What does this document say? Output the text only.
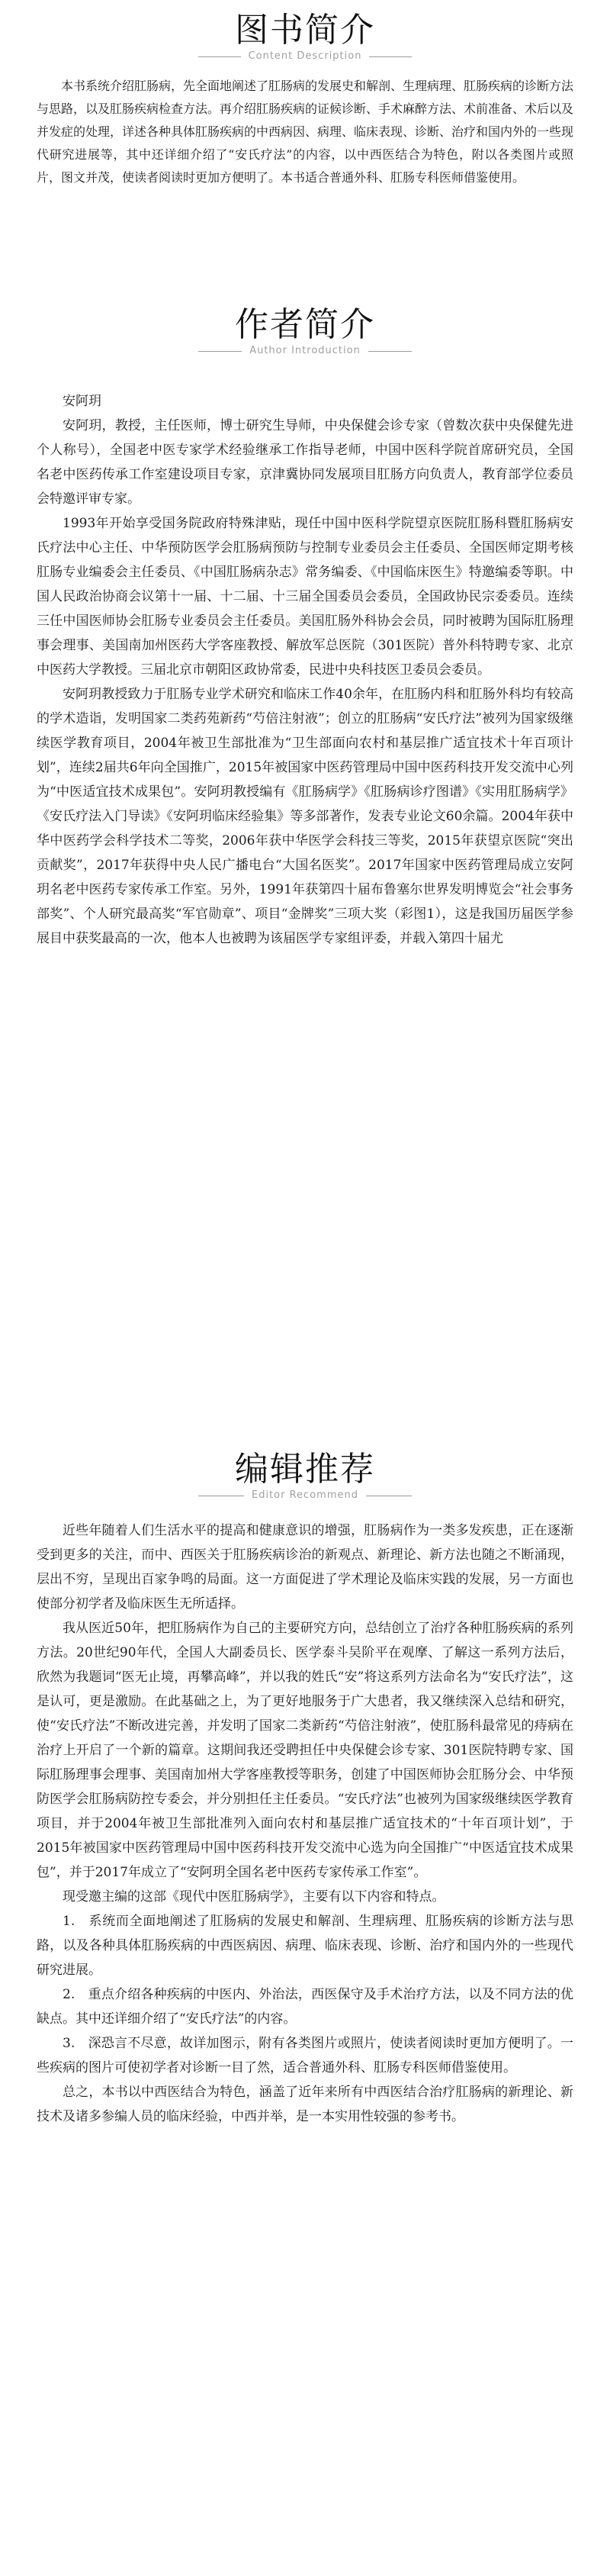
图书简介
Content Description

本书系统介绍肛肠病，先全面地阐述了肛肠病的发展史和解剖、生理病理、肛肠疾病的诊断方法与思路，以及肛肠疾病检查方法。再介绍肛肠疾病的证候诊断、手术麻醉方法、术前准备、术后以及并发症的处理，详述各种具体肛肠疾病的中西病因、病理、临床表现、诊断、治疗和国内外的一些现代研究进展等，其中还详细介绍了“安氏疗法”的内容，以中西医结合为特色，附以各类图片或照片，图文并茂，使读者阅读时更加方便明了。本书适合普通外科、肛肠专科医师借鉴使用。

作者简介
Author Introduction

安阿玥

安阿玥，教授，主任医师，博士研究生导师，中央保健会诊专家（曾数次获中央保健先进个人称号），全国老中医专家学术经验继承工作指导老师，中国中医科学院首席研究员，全国名老中医药传承工作室建设项目专家，京津冀协同发展项目肛肠方向负责人，教育部学位委员会特邀评审专家。

1993年开始享受国务院政府特殊津贴，现任中国中医科学院望京医院肛肠科暨肛肠病安氏疗法中心主任、中华预防医学会肛肠病预防与控制专业委员会主任委员、全国医师定期考核肛肠专业编委会主任委员、《中国肛肠病杂志》常务编委、《中国临床医生》特邀编委等职。中国人民政治协商会议第十一届、十二届、十三届全国委员会委员，全国政协民宗委委员。连续三任中国医师协会肛肠专业委员会主任委员。美国肛肠外科协会会员，同时被聘为国际肛肠理事会理事、美国南加州医药大学客座教授、解放军总医院（301医院）普外科特聘专家、北京中医药大学教授。三届北京市朝阳区政协常委，民进中央科技医卫委员会委员。

安阿玥教授致力于肛肠专业学术研究和临床工作40余年，在肛肠内科和肛肠外科均有较高的学术造诣，发明国家二类药苑新药“芍倍注射液”；创立的肛肠病“安氏疗法”被列为国家级继续医学教育项目，2004年被卫生部批准为“卫生部面向农村和基层推广适宜技术十年百项计划”，连续2届共6年向全国推广，2015年被国家中医药管理局中国中医药科技开发交流中心列为“中医适宜技术成果包”。安阿玥教授编有《肛肠病学》《肛肠病诊疗图谱》《实用肛肠病学》《安氏疗法入门导读》《安阿玥临床经验集》等多部著作，发表专业论文60余篇。2004年获中华中医药学会科学技术二等奖，2006年获中华医学会科技三等奖，2015年获望京医院“突出贡献奖”，2017年获得中央人民广播电台“大国名医奖”。2017年国家中医药管理局成立安阿玥名老中医药专家传承工作室。另外，1991年获第四十届布鲁塞尔世界发明博览会“社会事务部奖”、个人研究最高奖“军官勋章”、项目“金牌奖”三项大奖（彩图1），这是我国历届医学参展目中获奖最高的一次，他本人也被聘为该届医学专家组评委，并载入第四十届尤

编辑推荐
Editor Recommend

近些年随着人们生活水平的提高和健康意识的增强，肛肠病作为一类多发疾患，正在逐渐受到更多的关注，而中、西医关于肛肠疾病诊治的新观点、新理论、新方法也随之不断涌现，层出不穷，呈现出百家争鸣的局面。这一方面促进了学术理论及临床实践的发展，另一方面也使部分初学者及临床医生无所适择。

我从医近50年，把肛肠病作为自己的主要研究方向，总结创立了治疗各种肛肠疾病的系列方法。20世纪90年代，全国人大副委员长、医学泰斗吴阶平在观摩、了解这一系列方法后，欣然为我题词“医无止境，再攀高峰”，并以我的姓氏“安”将这系列方法命名为“安氏疗法”，这是认可，更是激励。在此基础之上，为了更好地服务于广大患者，我又继续深入总结和研究，使“安氏疗法”不断改进完善，并发明了国家二类新药“芍倍注射液”，使肛肠科最常见的痔病在治疗上开启了一个新的篇章。这期间我还受聘担任中央保健会诊专家、301医院特聘专家、国际肛肠理事会理事、美国南加州大学客座教授等职务，创建了中国医师协会肛肠分会、中华预防医学会肛肠病防控专委会，并分别担任主任委员。“安氏疗法”也被列为国家级继续医学教育项目，并于2004年被卫生部批准列入面向农村和基层推广适宜技术的“十年百项计划”，于2015年被国家中医药管理局中国中医药科技开发交流中心选为向全国推广“中医适宜技术成果包”，并于2017年成立了“安阿玥全国名老中医药专家传承工作室”。

现受邀主编的这部《现代中医肛肠病学》，主要有以下内容和特点。

1.　系统而全面地阐述了肛肠病的发展史和解剖、生理病理、肛肠疾病的诊断方法与思路，以及各种具体肛肠疾病的中西医病因、病理、临床表现、诊断、治疗和国内外的一些现代研究进展。

2.　重点介绍各种疾病的中医内、外治法，西医保守及手术治疗方法，以及不同方法的优缺点。其中还详细介绍了“安氏疗法”的内容。

3.　深恐言不尽意，故详加图示，附有各类图片或照片，使读者阅读时更加方便明了。一些疾病的图片可使初学者对诊断一目了然，适合普通外科、肛肠专科医师借鉴使用。

总之，本书以中西医结合为特色，涵盖了近年来所有中西医结合治疗肛肠病的新理论、新技术及诸多参编人员的临床经验，中西并举，是一本实用性较强的参考书。
